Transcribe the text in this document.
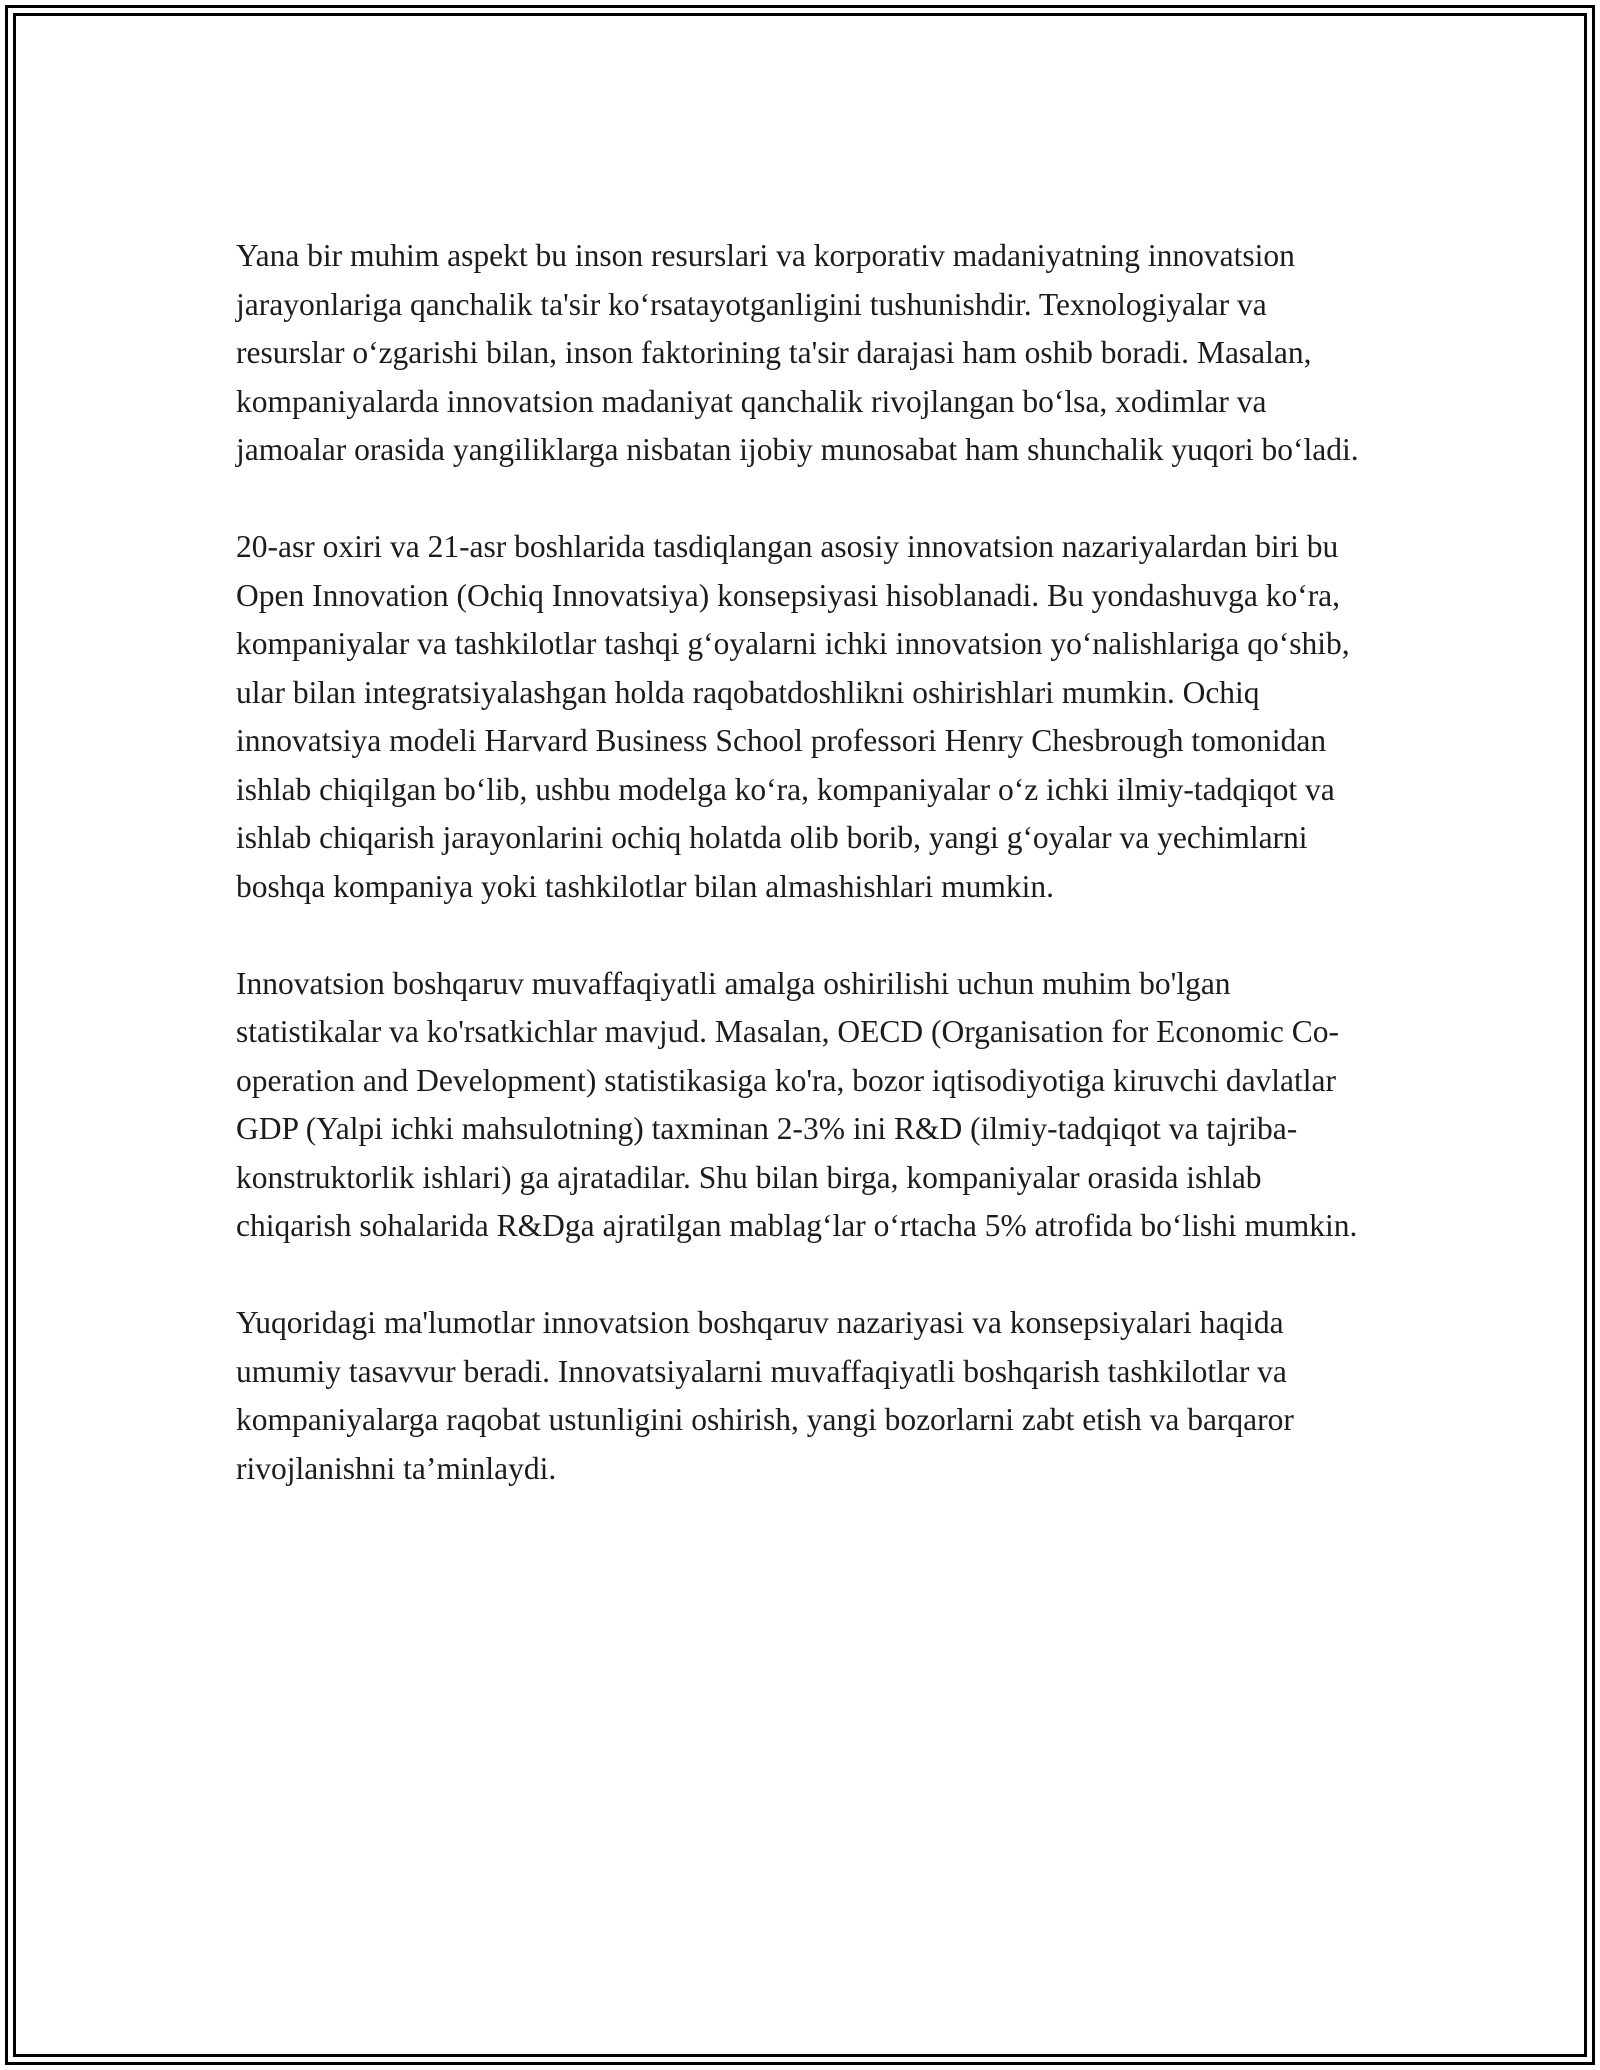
Yana bir muhim aspekt bu inson resurslari va korporativ madaniyatning innovatsion jarayonlariga qanchalik ta'sir ko‘rsatayotganligini tushunishdir. Texnologiyalar va resurslar o‘zgarishi bilan, inson faktorining ta'sir darajasi ham oshib boradi. Masalan, kompaniyalarda innovatsion madaniyat qanchalik rivojlangan bo‘lsa, xodimlar va jamoalar orasida yangiliklarga nisbatan ijobiy munosabat ham shunchalik yuqori bo‘ladi.

20-asr oxiri va 21-asr boshlarida tasdiqlangan asosiy innovatsion nazariyalardan biri bu Open Innovation (Ochiq Innovatsiya) konsepsiyasi hisoblanadi. Bu yondashuvga ko‘ra, kompaniyalar va tashkilotlar tashqi g‘oyalarni ichki innovatsion yo‘nalishlariga qo‘shib, ular bilan integratsiyalashgan holda raqobatdoshlikni oshirishlari mumkin. Ochiq innovatsiya modeli Harvard Business School professori Henry Chesbrough tomonidan ishlab chiqilgan bo‘lib, ushbu modelga ko‘ra, kompaniyalar o‘z ichki ilmiy-tadqiqot va ishlab chiqarish jarayonlarini ochiq holatda olib borib, yangi g‘oyalar va yechimlarni boshqa kompaniya yoki tashkilotlar bilan almashishlari mumkin.

Innovatsion boshqaruv muvaffaqiyatli amalga oshirilishi uchun muhim bo'lgan statistikalar va ko'rsatkichlar mavjud. Masalan, OECD (Organisation for Economic Co-operation and Development) statistikasiga ko'ra, bozor iqtisodiyotiga kiruvchi davlatlar GDP (Yalpi ichki mahsulotning) taxminan 2-3% ini R&D (ilmiy-tadqiqot va tajriba-konstruktorlik ishlari) ga ajratadilar. Shu bilan birga, kompaniyalar orasida ishlab chiqarish sohalarida R&Dga ajratilgan mablag‘lar o‘rtacha 5% atrofida bo‘lishi mumkin.

Yuqoridagi ma'lumotlar innovatsion boshqaruv nazariyasi va konsepsiyalari haqida umumiy tasavvur beradi. Innovatsiyalarni muvaffaqiyatli boshqarish tashkilotlar va kompaniyalarga raqobat ustunligini oshirish, yangi bozorlarni zabt etish va barqaror rivojlanishni ta’minlaydi.
